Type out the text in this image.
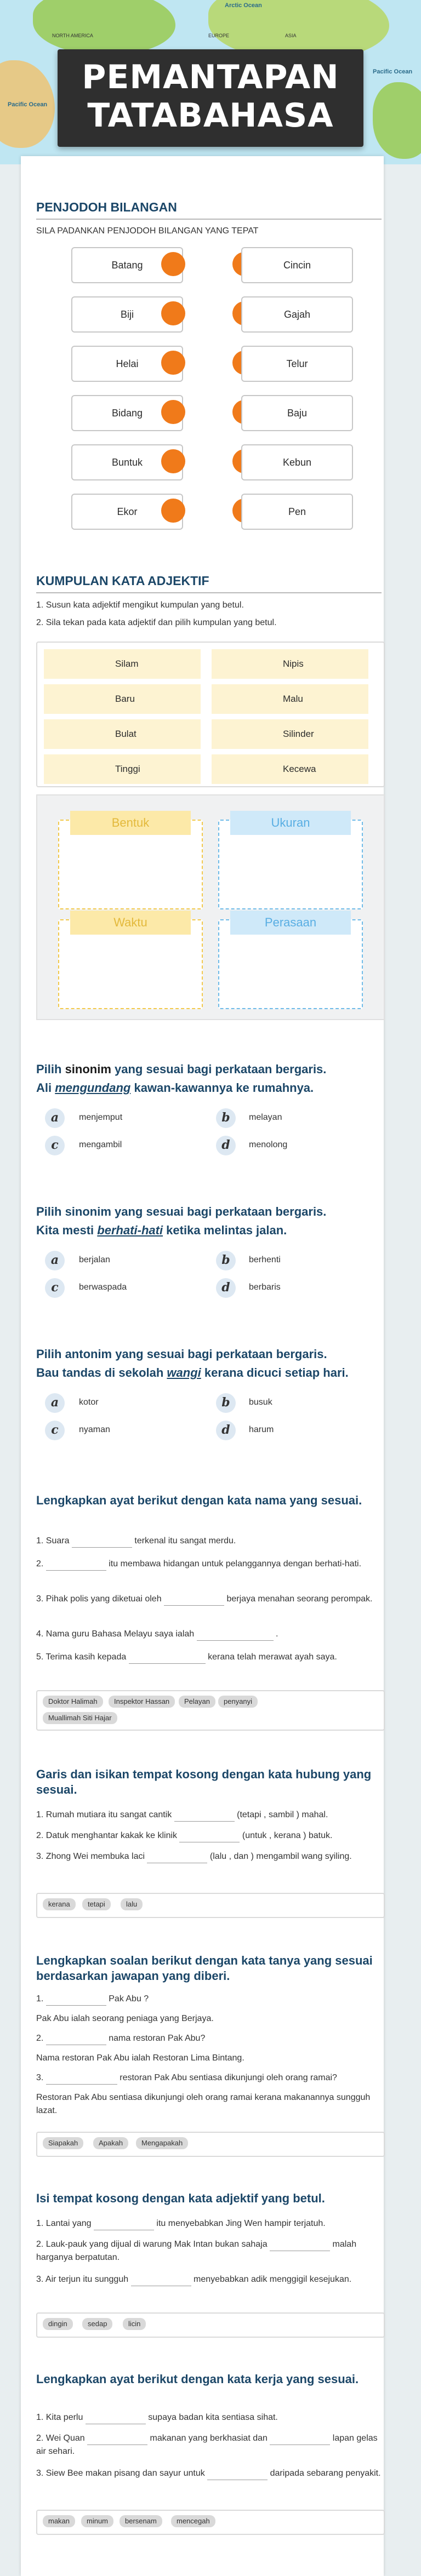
Arctic Ocean
NORTH AMERICA	EUROPE	ASIA
Pacific Ocean
Pacific Ocean
PEMANTAPAN
TATABAHASA
PENJODOH BILANGAN
SILA PADANKAN PENJODOH BILANGAN YANG TEPAT
Batang	Cincin
Biji	Gajah
Helai	Telur
Bidang	Baju
Buntuk	Kebun
Ekor	Pen
KUMPULAN KATA ADJEKTIF
1. Susun kata adjektif mengikut kumpulan yang betul.
2. Sila tekan pada kata adjektif dan pilih kumpulan yang betul.
Silam	Nipis
Baru	Malu
Bulat	Silinder
Tinggi	Kecewa
Bentuk	Ukuran
Waktu	Perasaan
Pilih sinonim yang sesuai bagi perkataan bergaris.
Ali mengundang kawan-kawannya ke rumahnya.
a	menjemput	b	melayan
c	mengambil	d	menolong
Pilih sinonim yang sesuai bagi perkataan bergaris.
Kita mesti berhati-hati ketika melintas jalan.
a	berjalan	b	berhenti
c	berwaspada	d	berbaris
Pilih antonim yang sesuai bagi perkataan bergaris.
Bau tandas di sekolah wangi kerana dicuci setiap hari.
a	kotor	b	busuk
c	nyaman	d	harum
Lengkapkan ayat berikut dengan kata nama yang sesuai.
1. Suara	terkenal itu sangat merdu.
2.	itu membawa hidangan untuk pelanggannya dengan berhati-hati.
3. Pihak polis yang diketuai oleh	berjaya menahan seorang perompak.
4. Nama guru Bahasa Melayu saya ialah	.
5. Terima kasih kepada	kerana telah merawat ayah saya.
Doktor Halimah	Inspektor Hassan	Pelayan	penyanyi
Muallimah Siti Hajar
Garis dan isikan tempat kosong dengan kata hubung yang sesuai.
1. Rumah mutiara itu sangat cantik	(tetapi , sambil ) mahal.
2. Datuk menghantar kakak ke klinik	(untuk , kerana ) batuk.
3. Zhong Wei membuka laci	(lalu , dan ) mengambil wang syiling.
kerana	tetapi	lalu
Lengkapkan soalan berikut dengan kata tanya yang sesuai berdasarkan jawapan yang diberi.
1.	Pak Abu ?
Pak Abu ialah seorang peniaga yang Berjaya.
2.	nama restoran Pak Abu?
Nama restoran Pak Abu ialah Restoran Lima Bintang.
3.	restoran Pak Abu sentiasa dikunjungi oleh orang ramai?
Restoran Pak Abu sentiasa dikunjungi oleh orang ramai kerana makanannya sungguh lazat.
Siapakah	Apakah	Mengapakah
Isi tempat kosong dengan kata adjektif yang betul.
1. Lantai yang	itu menyebabkan Jing Wen hampir terjatuh.
2. Lauk-pauk yang dijual di warung Mak Intan bukan sahaja	malah harganya berpatutan.
3. Air terjun itu sungguh	menyebabkan adik menggigil kesejukan.
dingin	sedap	licin
Lengkapkan ayat berikut dengan kata kerja yang sesuai.
1. Kita perlu	supaya badan kita sentiasa sihat.
2. Wei Quan	makanan yang berkhasiat dan	lapan gelas air sehari.
3. Siew Bee makan pisang dan sayur untuk	daripada sebarang penyakit.
makan	minum	bersenam	mencegah
